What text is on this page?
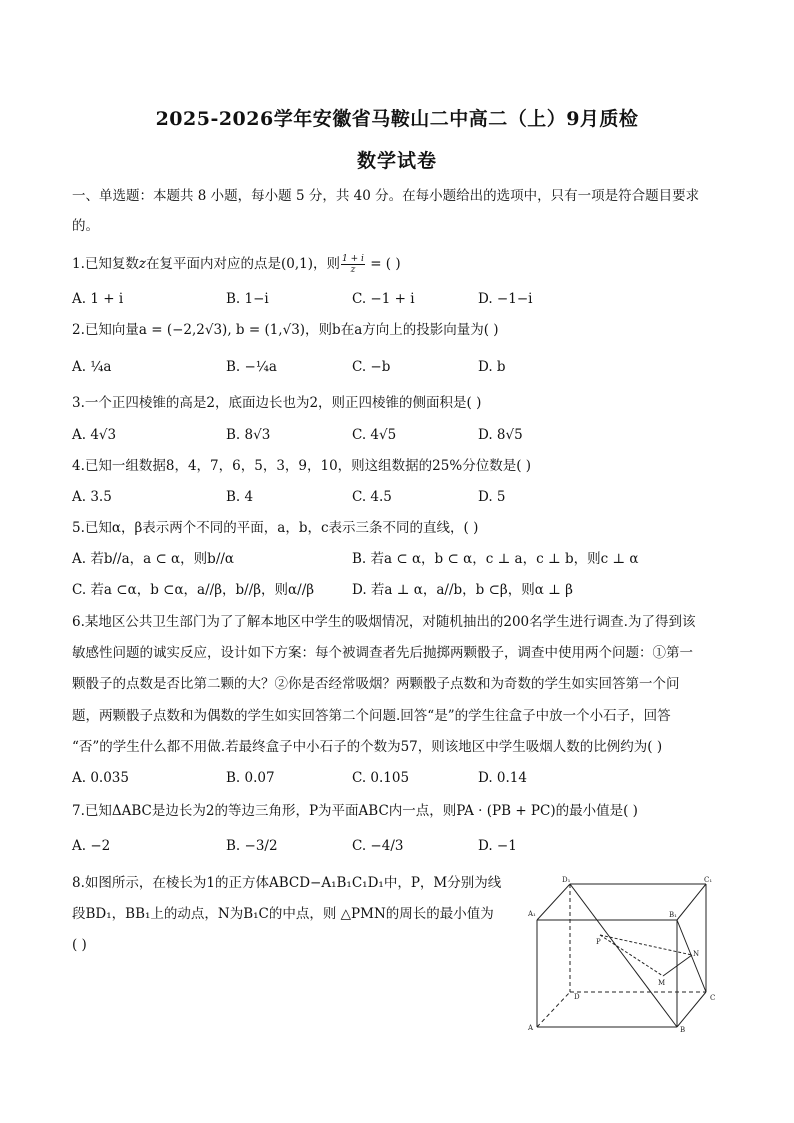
2025-2026学年安徽省马鞍山二中高二（上）9月质检
数学试卷
一、单选题：本题共 8 小题，每小题 5 分，共 40 分。在每小题给出的选项中，只有一项是符合题目要求
的。
1.已知复数z在复平面内对应的点是(0,1)，则 $\frac{1 + i}{z}$ = ( )
A. 1 + i	B. 1−i	C. −1 + i	D. −1−i
2.已知向量a = (−2,2√3), b = (1,√3)，则b在a方向上的投影向量为( )
A. ¼a	B. −¼a	C. −b	D. b
3.一个正四棱锥的高是2，底面边长也为2，则正四棱锥的侧面积是( )
A. 4√3	B. 8√3	C. 4√5	D. 8√5
4.已知一组数据8，4，7，6，5，3，9，10，则这组数据的25%分位数是( )
A. 3.5	B. 4	C. 4.5	D. 5
5.已知α，β表示两个不同的平面，a，b，c表示三条不同的直线，( )
A. 若b//a，a ⊂ α，则b//α	B. 若a ⊂ α，b ⊂ α，c ⊥ a，c ⊥ b，则c ⊥ α
C. 若a ⊂α，b ⊂α，a//β，b//β，则α//β	D. 若a ⊥ α，a//b，b ⊂β，则α ⊥ β
6.某地区公共卫生部门为了了解本地区中学生的吸烟情况，对随机抽出的200名学生进行调查.为了得到该
敏感性问题的诚实反应，设计如下方案：每个被调查者先后抛掷两颗骰子，调查中使用两个问题：①第一
颗骰子的点数是否比第二颗的大？②你是否经常吸烟？两颗骰子点数和为奇数的学生如实回答第一个问
题，两颗骰子点数和为偶数的学生如实回答第二个问题.回答“是”的学生往盒子中放一个小石子，回答
“否”的学生什么都不用做.若最终盒子中小石子的个数为57，则该地区中学生吸烟人数的比例约为( )
A. 0.035	B. 0.07	C. 0.105	D. 0.14
7.已知ΔABC是边长为2的等边三角形，P为平面ABC内一点，则PA · (PB + PC)的最小值是( )
A. −2	B. −3/2	C. −4/3	D. −1
8.如图所示，在棱长为1的正方体ABCD−A₁B₁C₁D₁中，P，M分别为线
段BD₁，BB₁上的动点，N为B₁C的中点，则 △PMN的周长的最小值为
( )
D₁	C₁
A₁	B₁
P
N
M
D	C
A	B
